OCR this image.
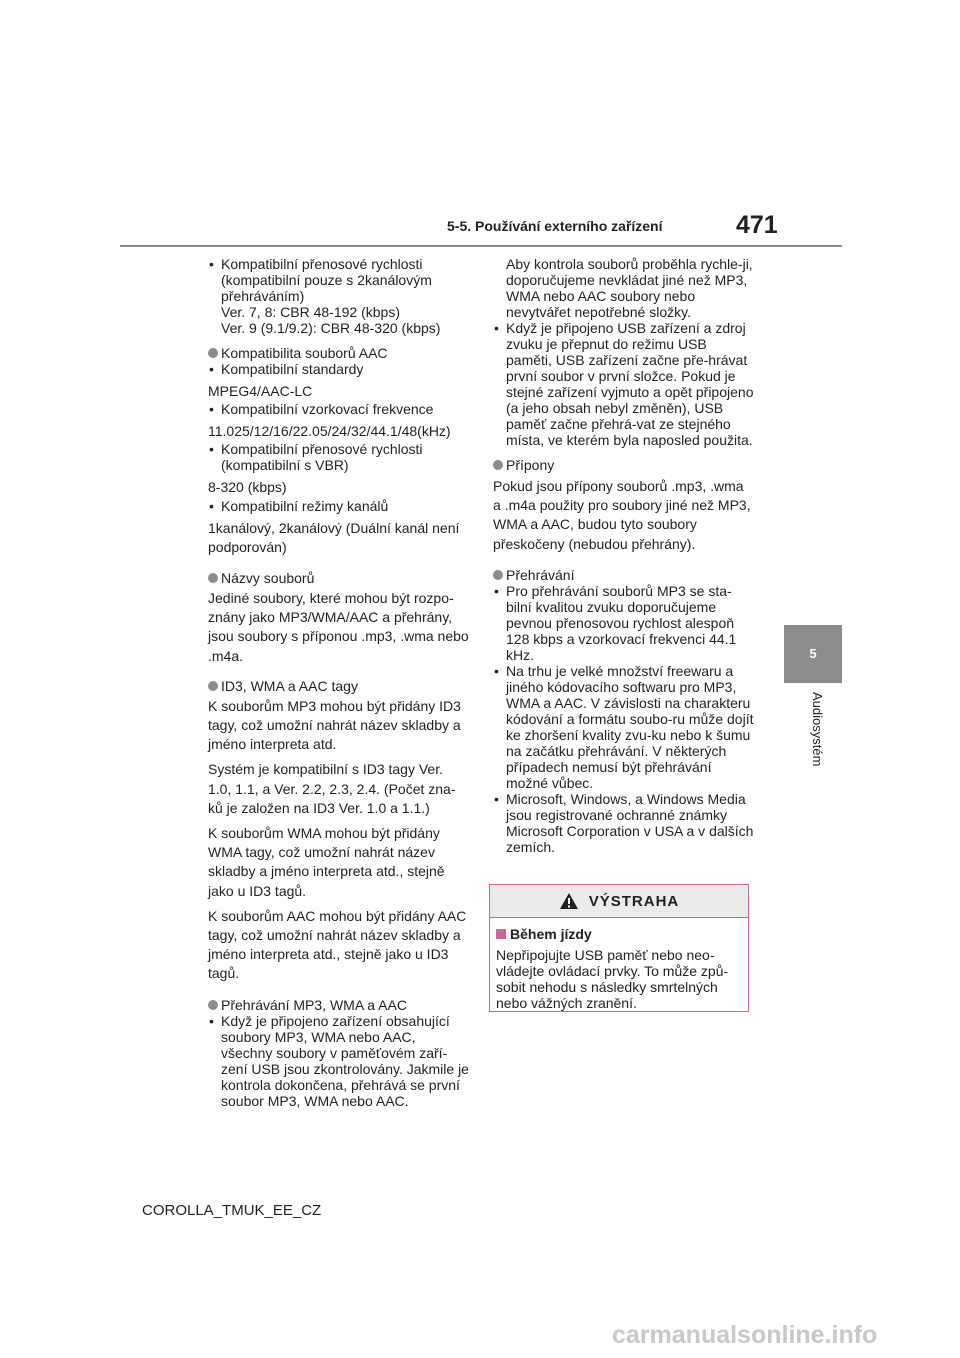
5-5. Používání externího zařízení	471
5
Audiosystém
• Kompatibilní přenosové rychlosti (kompatibilní pouze s 2kanálovým přehráváním)
Ver. 7, 8: CBR 48-192 (kbps)
Ver. 9 (9.1/9.2): CBR 48-320 (kbps)
Kompatibilita souborů AAC
• Kompatibilní standardy
MPEG4/AAC-LC
• Kompatibilní vzorkovací frekvence
11.025/12/16/22.05/24/32/44.1/48(kHz)
• Kompatibilní přenosové rychlosti (kompatibilní s VBR)
8-320 (kbps)
• Kompatibilní režimy kanálů
1kanálový, 2kanálový (Duální kanál není podporován)
Názvy souborů
Jediné soubory, které mohou být rozpo-znány jako MP3/WMA/AAC a přehrány, jsou soubory s příponou .mp3, .wma nebo .m4a.
ID3, WMA a AAC tagy
K souborům MP3 mohou být přidány ID3 tagy, což umožní nahrát název skladby a jméno interpreta atd.
Systém je kompatibilní s ID3 tagy Ver. 1.0, 1.1, a Ver. 2.2, 2.3, 2.4. (Počet zna-ků je založen na ID3 Ver. 1.0 a 1.1.)
K souborům WMA mohou být přidány WMA tagy, což umožní nahrát název skladby a jméno interpreta atd., stejně jako u ID3 tagů.
K souborům AAC mohou být přidány AAC tagy, což umožní nahrát název skladby a jméno interpreta atd., stejně jako u ID3 tagů.
Přehrávání MP3, WMA a AAC
• Když je připojeno zařízení obsahující soubory MP3, WMA nebo AAC, všechny soubory v paměťovém zaří-zení USB jsou zkontrolovány. Jakmile je kontrola dokončena, přehrává se první soubor MP3, WMA nebo AAC.
Aby kontrola souborů proběhla rychle-ji, doporučujeme nevkládat jiné než MP3, WMA nebo AAC soubory nebo nevytvářet nepotřebné složky.
• Když je připojeno USB zařízení a zdroj zvuku je přepnut do režimu USB paměti, USB zařízení začne pře-hrávat první soubor v první složce. Pokud je stejné zařízení vyjmuto a opět připojeno (a jeho obsah nebyl změněn), USB paměť začne přehrá-vat ze stejného místa, ve kterém byla naposled použita.
Přípony
Pokud jsou přípony souborů .mp3, .wma a .m4a použity pro soubory jiné než MP3, WMA a AAC, budou tyto soubory přeskočeny (nebudou přehrány).
Přehrávání
• Pro přehrávání souborů MP3 se sta-bilní kvalitou zvuku doporučujeme pevnou přenosovou rychlost alespoň 128 kbps a vzorkovací frekvenci 44.1 kHz.
• Na trhu je velké množství freewaru a jiného kódovacího softwaru pro MP3, WMA a AAC. V závislosti na charakteru kódování a formátu soubo-ru může dojít ke zhoršení kvality zvu-ku nebo k šumu na začátku přehrávání. V některých případech nemusí být přehrávání možné vůbec.
• Microsoft, Windows, a Windows Media jsou registrované ochranné známky Microsoft Corporation v USA a v dalších zemích.
VÝSTRAHA
Během jízdy
Nepřipojujte USB paměť nebo neo-vládejte ovládací prvky. To může způ-sobit nehodu s následky smrtelných nebo vážných zranění.
COROLLA_TMUK_EE_CZ
carmanualsonline.info
